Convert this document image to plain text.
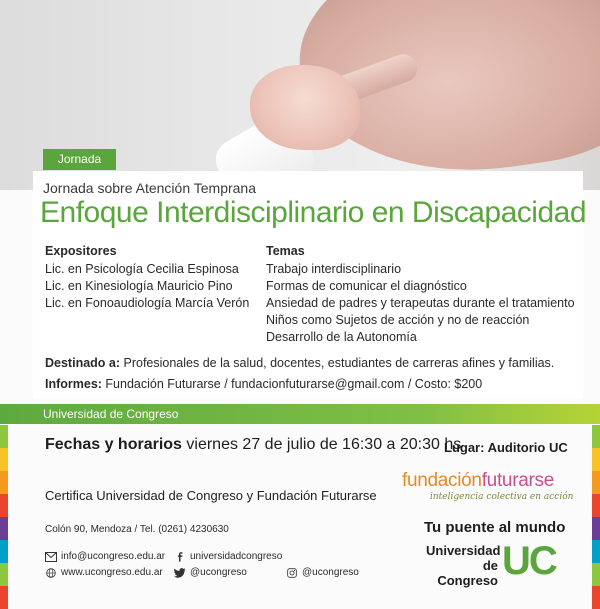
Jornada
Jornada sobre Atención Temprana
Enfoque Interdisciplinario en Discapacidad
Expositores
Lic. en Psicología Cecilia Espinosa
Lic. en Kinesiología Mauricio Pino
Lic. en Fonoaudiología Marcía Verón
Temas
Trabajo interdisciplinario
Formas de comunicar el diagnóstico
Ansiedad de padres y terapeutas durante el tratamiento
Niños como Sujetos de acción y no de reacción
Desarrollo de la Autonomía
Destinado a: Profesionales de la salud, docentes, estudiantes de carreras afines y familias.
Informes: Fundación Futurarse / fundacionfuturarse@gmail.com / Costo: $200
Universidad de Congreso
Fechas y horarios viernes 27 de julio de 16:30 a 20:30 hs
Lugar: Auditorio UC
fundaciónfuturarse
inteligencia colectiva en acción
Certifica Universidad de Congreso y Fundación Futurarse
Colón 90, Mendoza / Tel. (0261) 4230630	Tu puente al mundo
Universidad
de Congreso UC
info@ucongreso.edu.ar
www.ucongreso.edu.ar
universidadcongreso
@ucongreso	@ucongreso
